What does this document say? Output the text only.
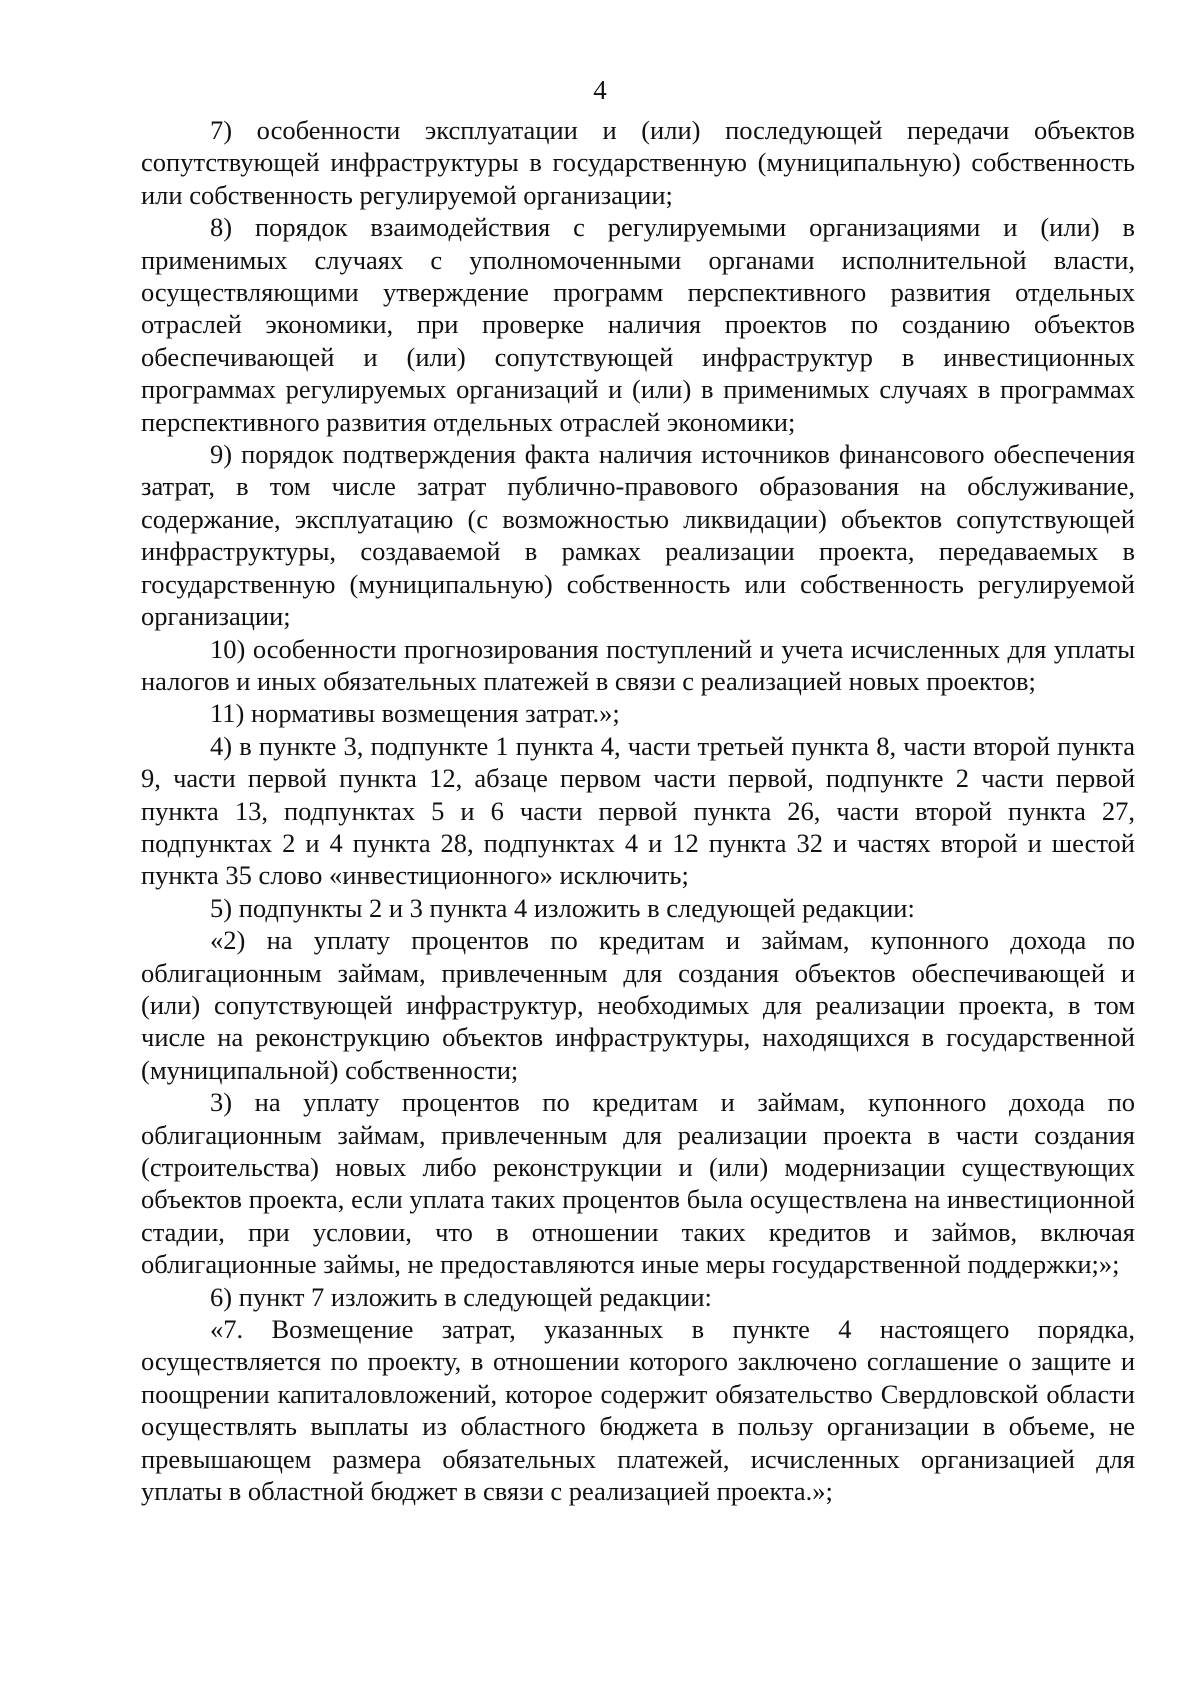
4

7) особенности эксплуатации и (или) последующей передачи объектов сопутствующей инфраструктуры в государственную (муниципальную) собственность или собственность регулируемой организации;

8) порядок взаимодействия с регулируемыми организациями и (или) в применимых случаях с уполномоченными органами исполнительной власти, осуществляющими утверждение программ перспективного развития отдельных отраслей экономики, при проверке наличия проектов по созданию объектов обеспечивающей и (или) сопутствующей инфраструктур в инвестиционных программах регулируемых организаций и (или) в применимых случаях в программах перспективного развития отдельных отраслей экономики;

9) порядок подтверждения факта наличия источников финансового обеспечения затрат, в том числе затрат публично-правового образования на обслуживание, содержание, эксплуатацию (с возможностью ликвидации) объектов сопутствующей инфраструктуры, создаваемой в рамках реализации проекта, передаваемых в государственную (муниципальную) собственность или собственность регулируемой организации;

10) особенности прогнозирования поступлений и учета исчисленных для уплаты налогов и иных обязательных платежей в связи с реализацией новых проектов;

11) нормативы возмещения затрат.»;

4) в пункте 3, подпункте 1 пункта 4, части третьей пункта 8, части второй пункта 9, части первой пункта 12, абзаце первом части первой, подпункте 2 части первой пункта 13, подпунктах 5 и 6 части первой пункта 26, части второй пункта 27, подпунктах 2 и 4 пункта 28, подпунктах 4 и 12 пункта 32 и частях второй и шестой пункта 35 слово «инвестиционного» исключить;

5) подпункты 2 и 3 пункта 4 изложить в следующей редакции:

«2) на уплату процентов по кредитам и займам, купонного дохода по облигационным займам, привлеченным для создания объектов обеспечивающей и (или) сопутствующей инфраструктур, необходимых для реализации проекта, в том числе на реконструкцию объектов инфраструктуры, находящихся в государственной (муниципальной) собственности;

3) на уплату процентов по кредитам и займам, купонного дохода по облигационным займам, привлеченным для реализации проекта в части создания (строительства) новых либо реконструкции и (или) модернизации существующих объектов проекта, если уплата таких процентов была осуществлена на инвестиционной стадии, при условии, что в отношении таких кредитов и займов, включая облигационные займы, не предоставляются иные меры государственной поддержки;»;

6) пункт 7 изложить в следующей редакции:

«7. Возмещение затрат, указанных в пункте 4 настоящего порядка, осуществляется по проекту, в отношении которого заключено соглашение о защите и поощрении капиталовложений, которое содержит обязательство Свердловской области осуществлять выплаты из областного бюджета в пользу организации в объеме, не превышающем размера обязательных платежей, исчисленных организацией для уплаты в областной бюджет в связи с реализацией проекта.»;
